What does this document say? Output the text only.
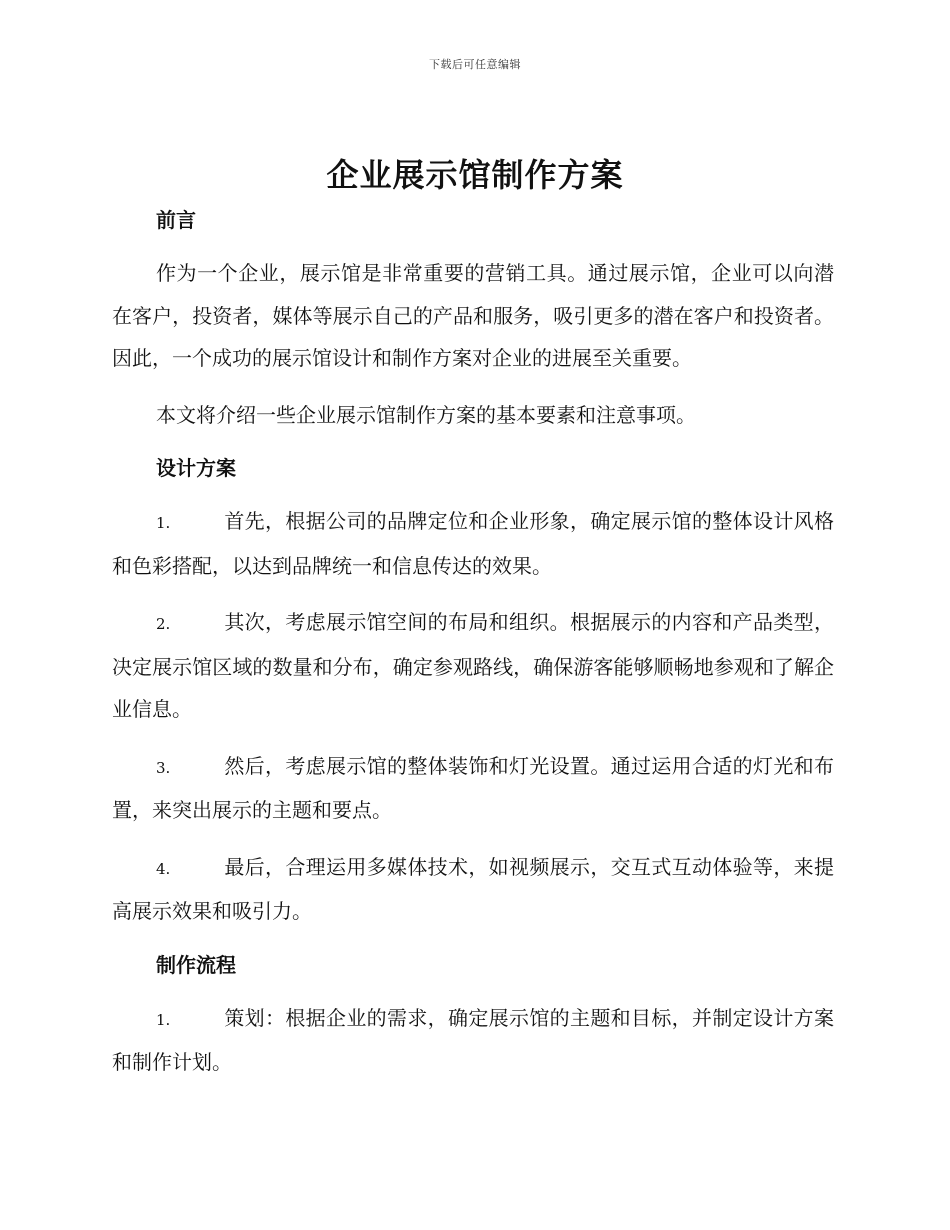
下载后可任意编辑
企业展示馆制作方案

前言

作为一个企业，展示馆是非常重要的营销工具。通过展示馆，企业可以向潜在客户，投资者，媒体等展示自己的产品和服务，吸引更多的潜在客户和投资者。因此，一个成功的展示馆设计和制作方案对企业的进展至关重要。

本文将介绍一些企业展示馆制作方案的基本要素和注意事项。

设计方案

1.	首先，根据公司的品牌定位和企业形象，确定展示馆的整体设计风格和色彩搭配，以达到品牌统一和信息传达的效果。

2.	其次，考虑展示馆空间的布局和组织。根据展示的内容和产品类型，决定展示馆区域的数量和分布，确定参观路线，确保游客能够顺畅地参观和了解企业信息。

3.	然后，考虑展示馆的整体装饰和灯光设置。通过运用合适的灯光和布置，来突出展示的主题和要点。

4.	最后，合理运用多媒体技术，如视频展示，交互式互动体验等，来提高展示效果和吸引力。

制作流程

1.	策划：根据企业的需求，确定展示馆的主题和目标，并制定设计方案和制作计划。
